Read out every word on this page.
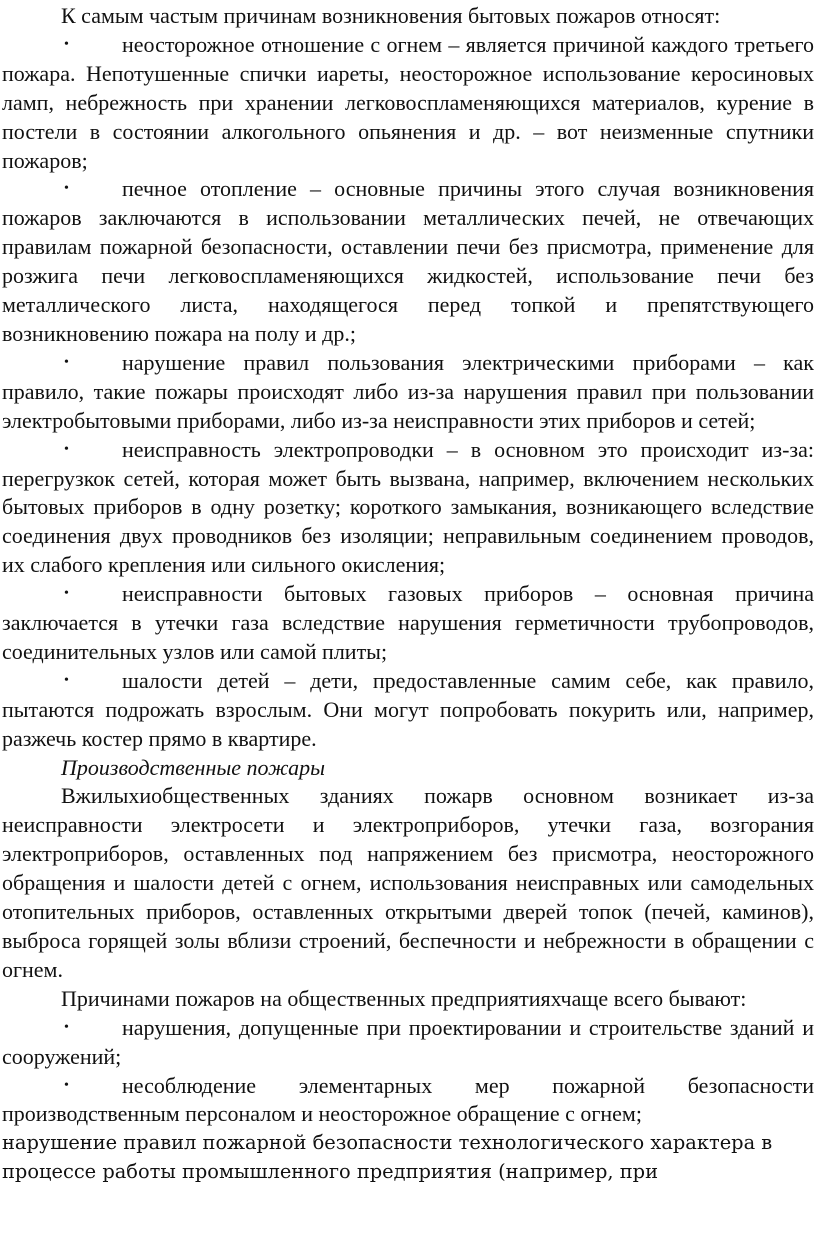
К самым частым причинам возникновения бытовых пожаров относят:

• неосторожное отношение с огнем – является причиной каждого третьего пожара. Непотушенные спички иареты, неосторожное использование керосиновых ламп, небрежность при хранении легковоспламеняющихся материалов, курение в постели в состоянии алкогольного опьянения и др. – вот неизменные спутники пожаров;
• печное отопление – основные причины этого случая возникновения пожаров заключаются в использовании металлических печей, не отвечающих правилам пожарной безопасности, оставлении печи без присмотра, применение для розжига печи легковоспламеняющихся жидкостей, использование печи без металлического листа, находящегося перед топкой и препятствующего возникновению пожара на полу и др.;
• нарушение правил пользования электрическими приборами – как правило, такие пожары происходят либо из-за нарушения правил при пользовании электробытовыми приборами, либо из-за неисправности этих приборов и сетей;
• неисправность электропроводки – в основном это происходит из-за: перегрузкок сетей, которая может быть вызвана, например, включением нескольких бытовых приборов в одну розетку; короткого замыкания, возникающего вследствие соединения двух проводников без изоляции; неправильным соединением проводов, их слабого крепления или сильного окисления;
• неисправности бытовых газовых приборов – основная причина заключается в утечки газа вследствие нарушения герметичности трубопроводов, соединительных узлов или самой плиты;
• шалости детей – дети, предоставленные самим себе, как правило, пытаются подрожать взрослым. Они могут попробовать покурить или, например, разжечь костер прямо в квартире.

Производственные пожары

Вжилыхиобщественных зданиях пожарв основном возникает из-за неисправности электросети и электроприборов, утечки газа, возгорания электроприборов, оставленных под напряжением без присмотра, неосторожного обращения и шалости детей с огнем, использования неисправных или самодельных отопительных приборов, оставленных открытыми дверей топок (печей, каминов), выброса горящей золы вблизи строений, беспечности и небрежности в обращении с огнем.

Причинами пожаров на общественных предприятияхчаще всего бывают:

• нарушения, допущенные при проектировании и строительстве зданий и сооружений;
• несоблюдение элементарных мер пожарной безопасности производственным персоналом и неосторожное обращение с огнем;

нарушение правил пожарной безопасности технологического характера в процессе работы промышленного предприятия (например, при
